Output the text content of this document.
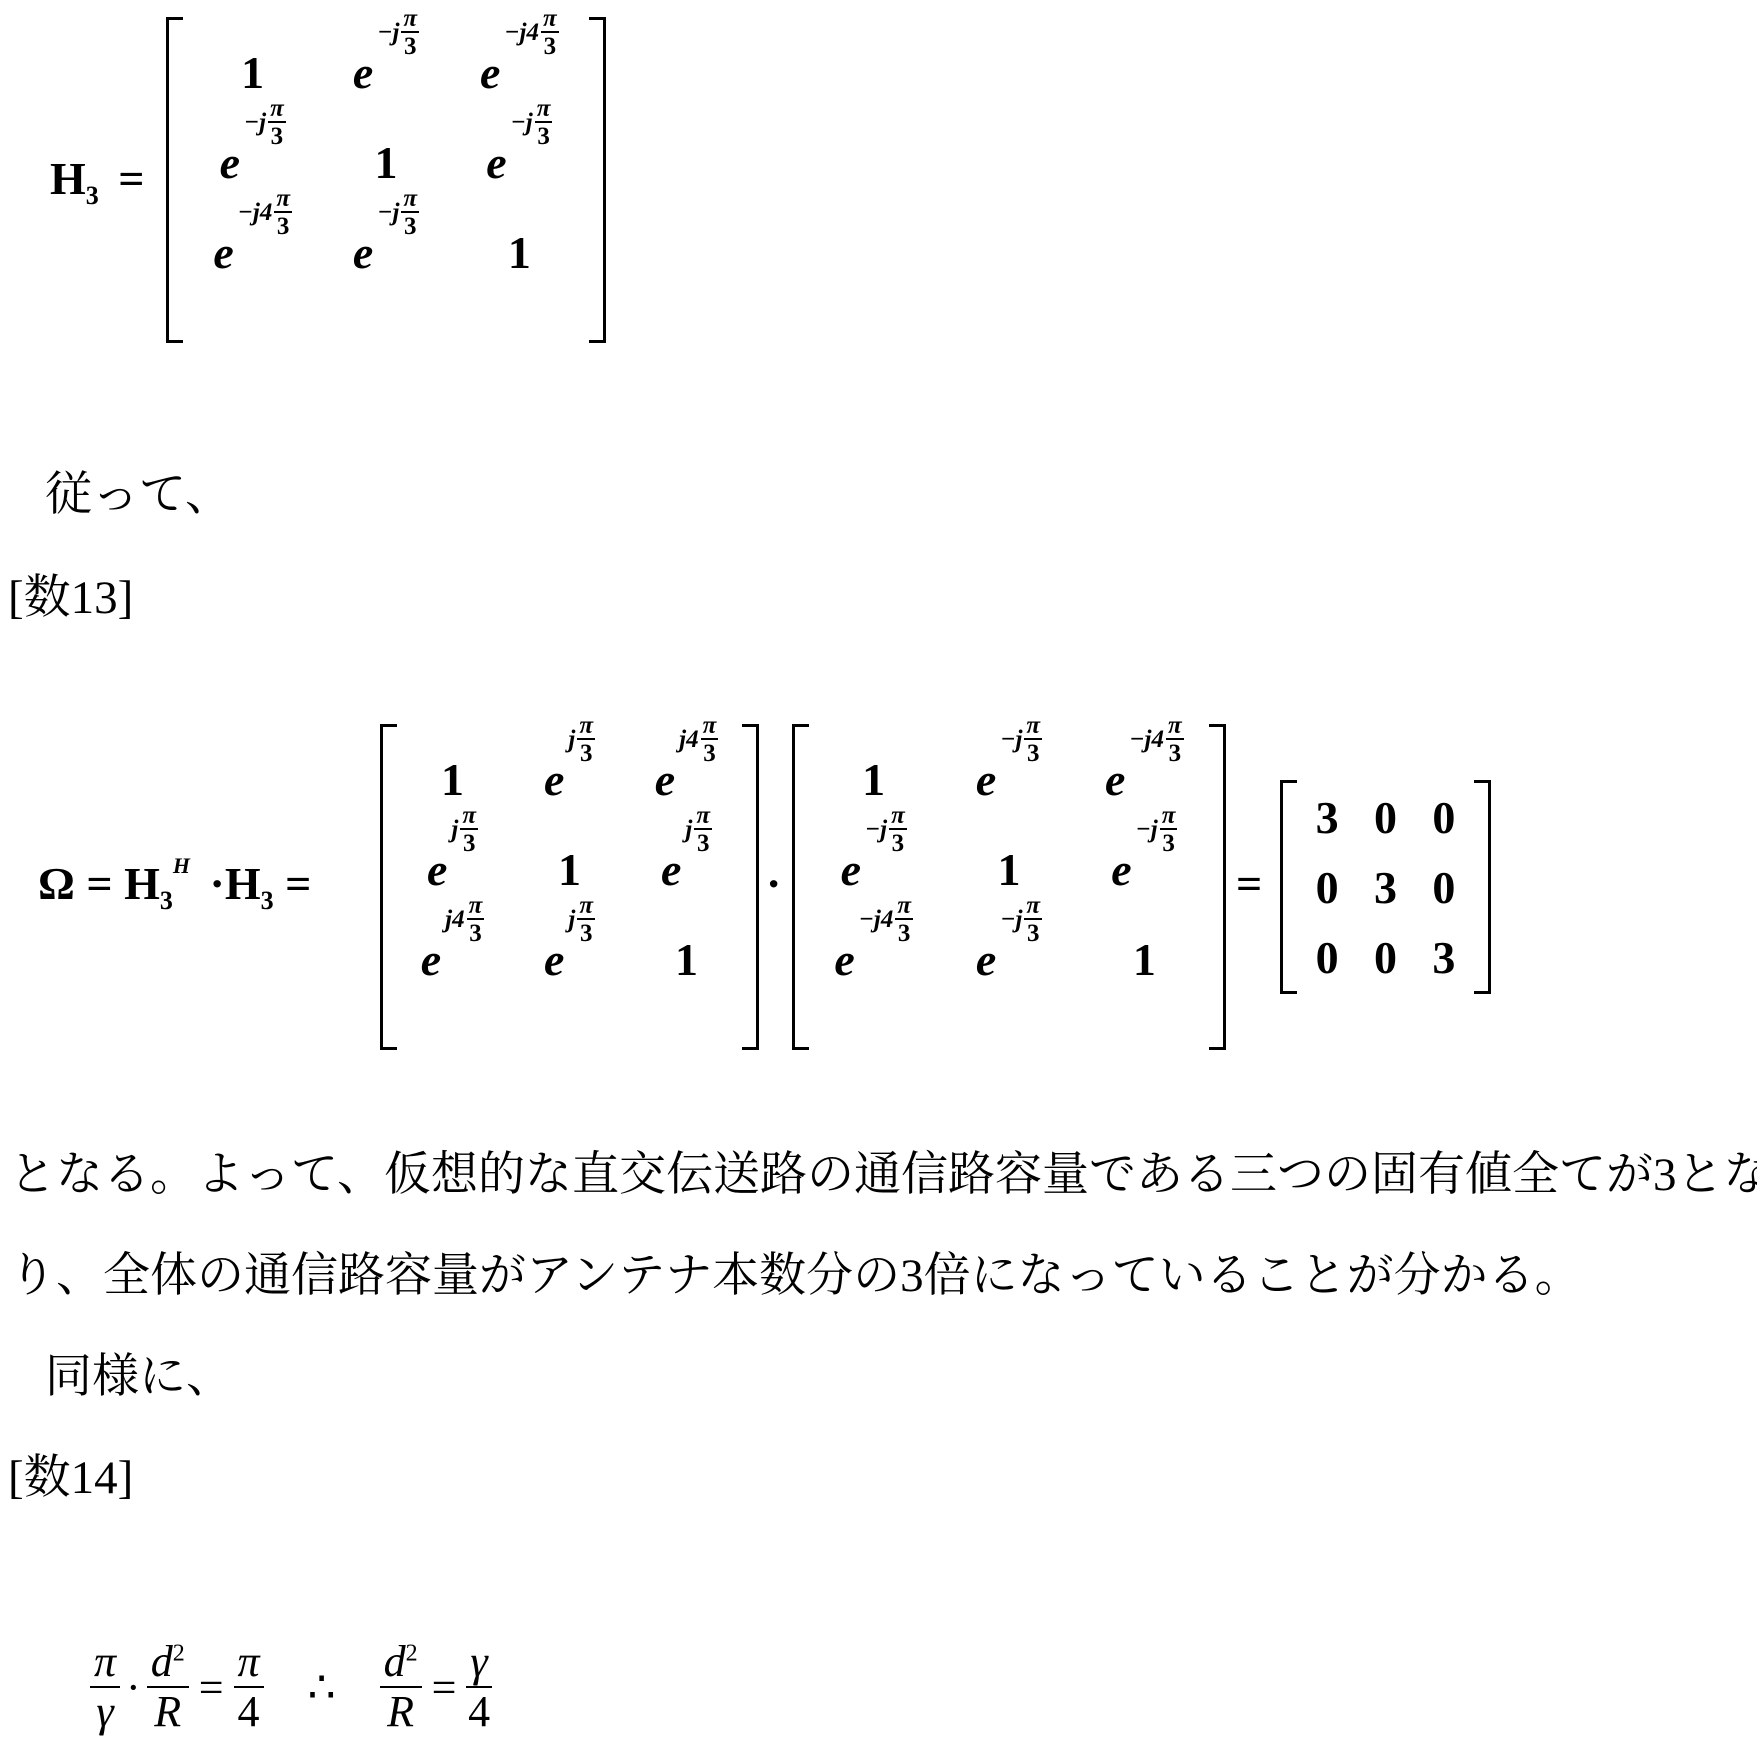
H3 =
1 e
−j π
3
e
−j4 π
3
e
−j π
3
1 e
−j π
3
e
−j4 π
3
e
−j π
3
1
従って、
[数13]
Ω = H3H ·H3 =
1 e
j π
3
e
j4 π
3
e
j π
3
1 e
j π
3
e
j4 π
3
e
j π
3
1
·
1 e
−j π
3
e
−j4 π
3
e
−j π
3
1 e
−j π
3
e
−j4 π
3
e
−j π
3
1
=
3 0 0
0 3 0
0 0 3
となる。よって、仮想的な直交伝送路の通信路容量である三つの固有値全てが3とな
り、全体の通信路容量がアンテナ本数分の3倍になっていることが分かる。
同様に、
[数14]
π
γ ·
d2
R =
π
4 ∴
d2
R =
γ
4
